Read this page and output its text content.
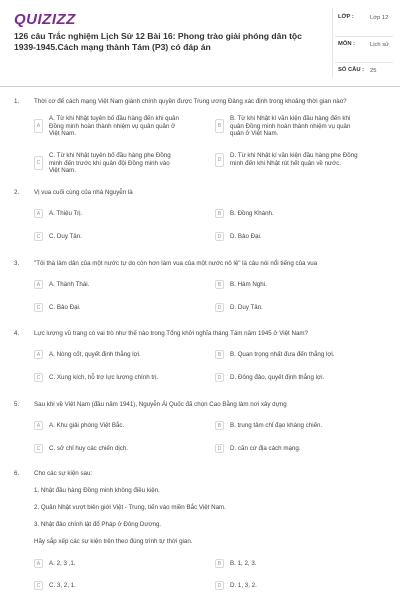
QUIZIZZ
126 câu Trắc nghiệm Lịch Sử 12 Bài 16: Phong trào giải phóng dân tộc 1939-1945.Cách mạng thành Tám (P3) có đáp án
LỚP :	Lớp 12
MÔN :	Lịch sử
SỐ CÂU : 25
1. Thời cơ để cách mạng Việt Nam giành chính quyền được Trung ương Đảng xác định trong khoảng thời gian nào?
A
A. Từ khi Nhật tuyên bố đầu hàng đến khi quân Đồng minh hoàn thành nhiệm vụ quân quản ở Việt Nam.
B
B. Từ khi Nhật kí văn kiện đầu hàng đến khi quân Đồng minh hoàn thành nhiệm vụ quân quản ở Việt Nam.
C
C. Từ khi Nhật tuyên bố đầu hàng phe Đồng minh đến trước khi quân đội Đồng minh vào Việt Nam.
D
D. Từ khi Nhật kí văn kiện đầu hàng phe Đồng minh đến khi Nhật rút hết quân về nước.
2. Vị vua cuối cùng của nhà Nguyễn là
A	A. Thiệu Trị.	B	B. Đồng Khánh.
C	C. Duy Tân.	D	D. Bảo Đại.
3. "Tôi thà làm dân của một nước tự do còn hơn làm vua của một nước nô lệ" là câu nói nổi tiếng của vua
A	A. Thành Thái.	B	B. Hàm Nghi.
C	C. Bảo Đại.	D	D. Duy Tân.
4. Lực lượng vũ trang có vai trò như thế nào trong Tổng khởi nghĩa tháng Tám năm 1945 ở Việt Nam?
A	A. Nòng cốt, quyết định thắng lợi.	B	B. Quan trọng nhất đưa đến thắng lợi.
C	C. Xung kích, hỗ trợ lực lượng chính trị.	D	D. Đông đảo, quyết định thắng lợi.
5. Sau khi về Việt Nam (đầu năm 1941), Nguyễn Ái Quốc đã chọn Cao Bằng làm nơi xây dựng
A	A. Khu giải phóng Việt Bắc.	B	B. trung tâm chỉ đạo kháng chiến.
C	C. sở chỉ huy các chiến dịch.	D	D. căn cứ địa cách mạng.
6. Cho các sự kiện sau:
1. Nhật đầu hàng Đồng minh không điều kiện.
2. Quân Nhật vượt biên giới Việt - Trung, tiến vào miền Bắc Việt Nam.
3. Nhật đảo chính lật đổ Pháp ở Đông Dương.
Hãy sắp xếp các sự kiện trên theo đúng trình tự thời gian.
A	A. 2, 3 ,1.	B	B. 1, 2, 3.
C	C. 3, 2, 1.	D	D. 1, 3, 2.
